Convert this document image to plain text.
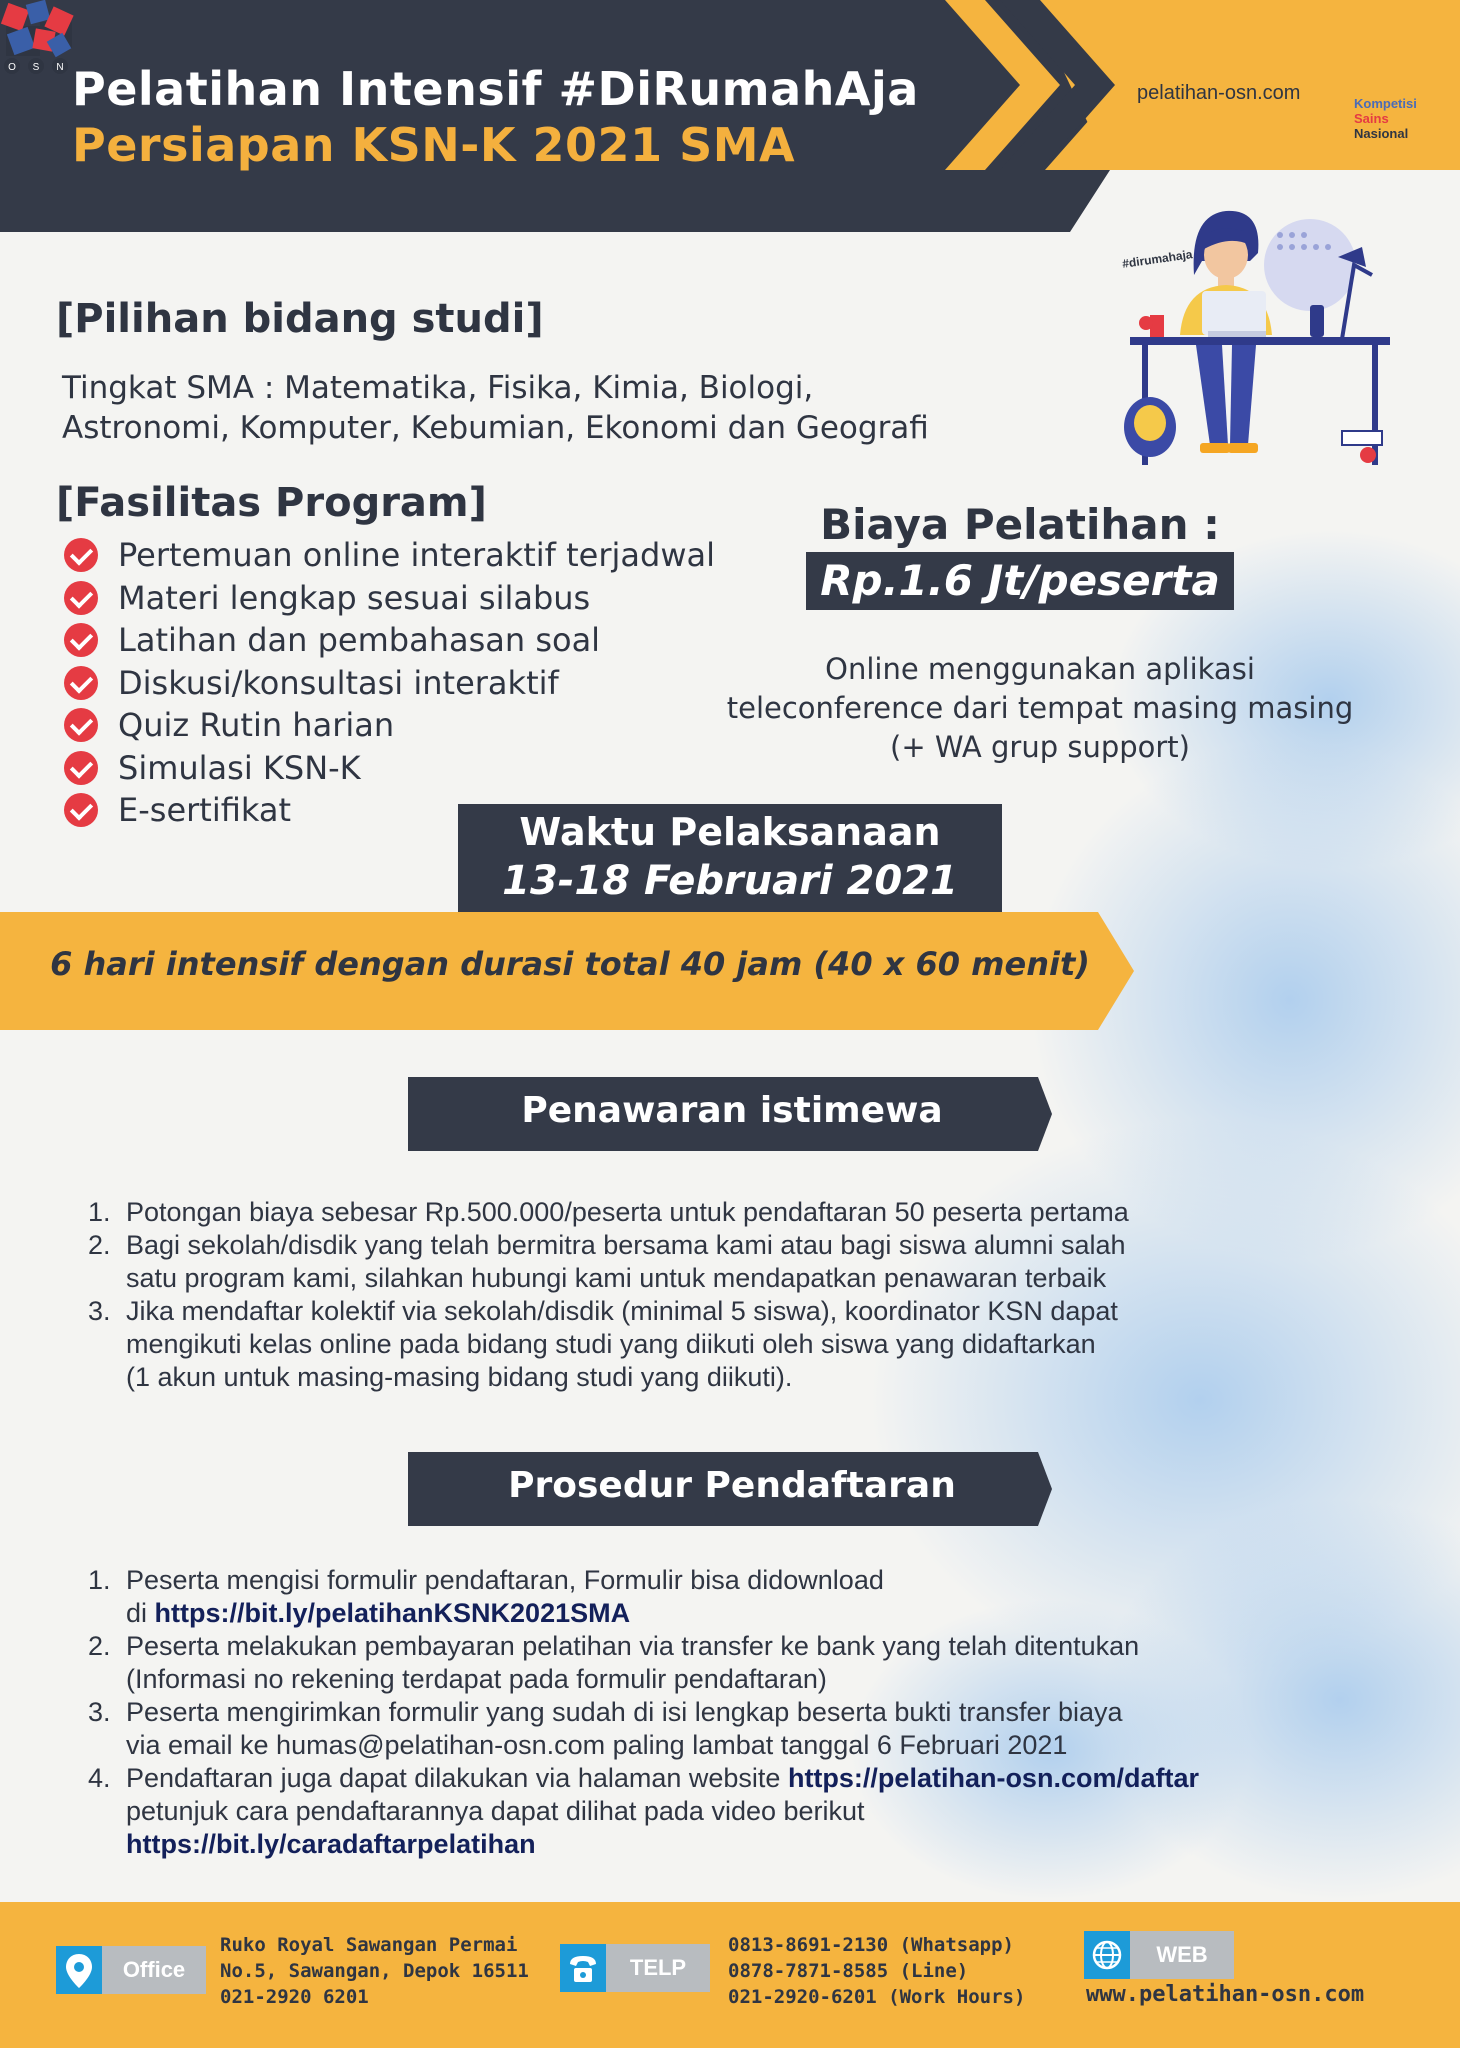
Pelatihan Intensif #DiRumahAja
Persiapan KSN-K 2021 SMA
O S N
pelatihan-osn.com	Kompetisi
Sains
Nasional
#dirumahaja
[Pilihan bidang studi]
Tingkat SMA : Matematika, Fisika, Kimia, Biologi,
Astronomi, Komputer, Kebumian, Ekonomi dan Geografi
[Fasilitas Program]
Pertemuan online interaktif terjadwal
Materi lengkap sesuai silabus
Latihan dan pembahasan soal
Diskusi/konsultasi interaktif
Quiz Rutin harian
Simulasi KSN-K
E-sertifikat
Biaya Pelatihan :
Rp.1.6 Jt/peserta
Online menggunakan aplikasi
teleconference dari tempat masing masing
(+ WA grup support)
Waktu Pelaksanaan
13-18 Februari 2021
6 hari intensif dengan durasi total 40 jam (40 x 60 menit)
Penawaran istimewa
1. Potongan biaya sebesar Rp.500.000/peserta untuk pendaftaran 50 peserta pertama
2. Bagi sekolah/disdik yang telah bermitra bersama kami atau bagi siswa alumni salah
satu program kami, silahkan hubungi kami untuk mendapatkan penawaran terbaik
3. Jika mendaftar kolektif via sekolah/disdik (minimal 5 siswa), koordinator KSN dapat
mengikuti kelas online pada bidang studi yang diikuti oleh siswa yang didaftarkan
(1 akun untuk masing-masing bidang studi yang diikuti).
Prosedur Pendaftaran
1. Peserta mengisi formulir pendaftaran, Formulir bisa didownload
di https://bit.ly/pelatihanKSNK2021SMA
2. Peserta melakukan pembayaran pelatihan via transfer ke bank yang telah ditentukan
(Informasi no rekening terdapat pada formulir pendaftaran)
3. Peserta mengirimkan formulir yang sudah di isi lengkap beserta bukti transfer biaya
via email ke humas@pelatihan-osn.com paling lambat tanggal 6 Februari 2021
4. Pendaftaran juga dapat dilakukan via halaman website https://pelatihan-osn.com/daftar
petunjuk cara pendaftarannya dapat dilihat pada video berikut
https://bit.ly/caradaftarpelatihan
Office
Ruko Royal Sawangan Permai
No.5, Sawangan, Depok 16511
021-2920 6201
TELP
0813-8691-2130 (Whatsapp)
0878-7871-8585 (Line)
021-2920-6201 (Work Hours)
WEB
www.pelatihan-osn.com
